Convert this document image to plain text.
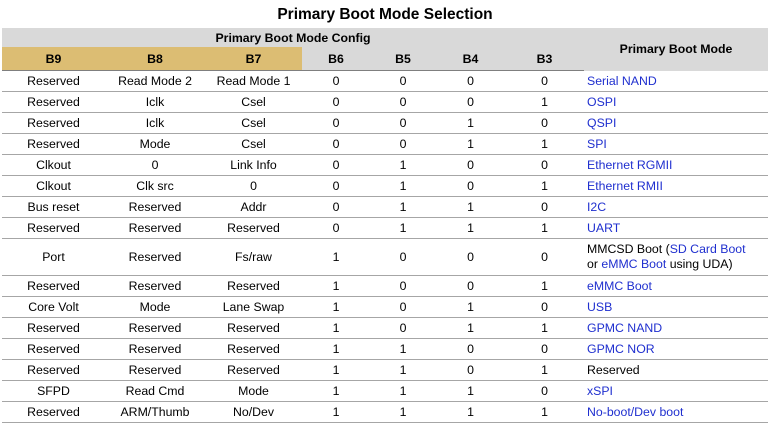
Primary Boot Mode Selection
Primary Boot Mode Config							Primary Boot Mode
B9	B8	B7	B6	B5	B4	B3	
Reserved	Read Mode 2	Read Mode 1	0	0	0	0	Serial NAND
Reserved	Iclk	Csel	0	0	0	1	OSPI
Reserved	Iclk	Csel	0	0	1	0	QSPI
Reserved	Mode	Csel	0	0	1	1	SPI
Clkout	0	Link Info	0	1	0	0	Ethernet RGMII
Clkout	Clk src	0	0	1	0	1	Ethernet RMII
Bus reset	Reserved	Addr	0	1	1	0	I2C
Reserved	Reserved	Reserved	0	1	1	1	UART
Port	Reserved	Fs/raw	1	0	0	0	MMCSD Boot (SD Card Boot
or eMMC Boot using UDA)
Reserved	Reserved	Reserved	1	0	0	1	eMMC Boot
Core Volt	Mode	Lane Swap	1	0	1	0	USB
Reserved	Reserved	Reserved	1	0	1	1	GPMC NAND
Reserved	Reserved	Reserved	1	1	0	0	GPMC NOR
Reserved	Reserved	Reserved	1	1	0	1	Reserved
SFPD	Read Cmd	Mode	1	1	1	0	xSPI
Reserved	ARM/Thumb	No/Dev	1	1	1	1	No-boot/Dev boot
